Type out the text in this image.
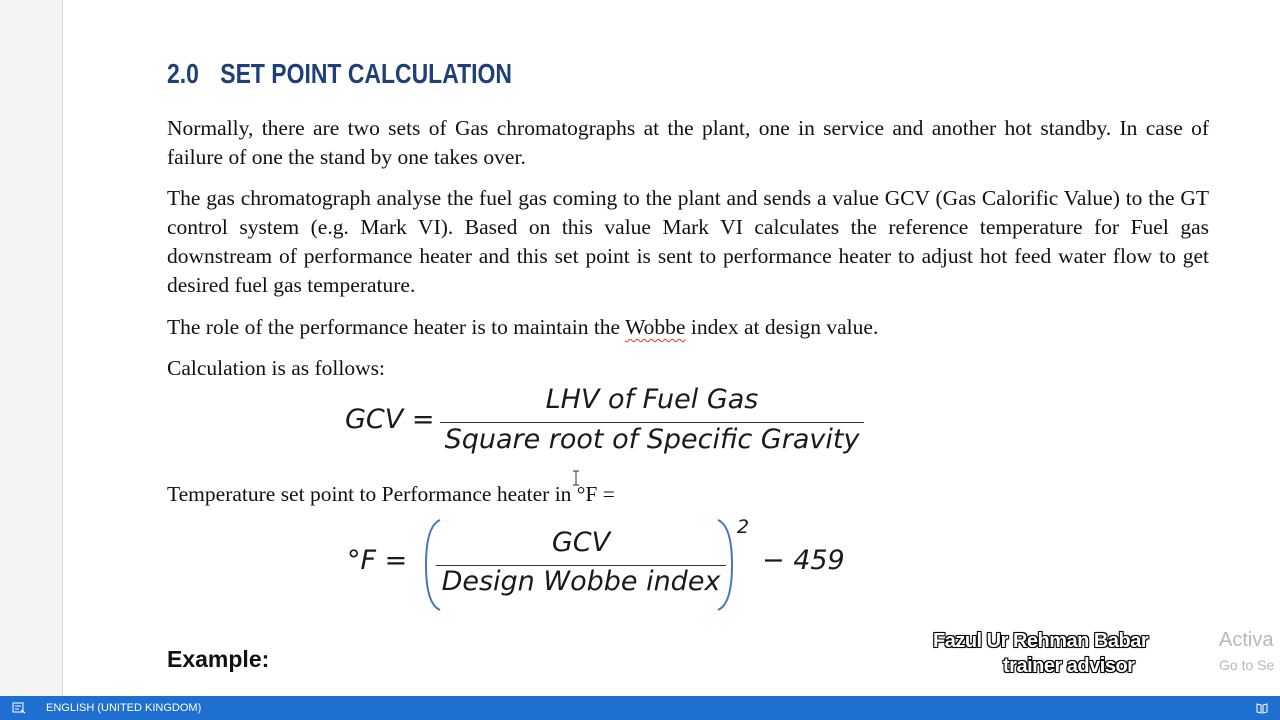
2.0 SET POINT CALCULATION

Normally, there are two sets of Gas chromatographs at the plant, one in service and another hot standby. In case of failure of one the stand by one takes over.

The gas chromatograph analyse the fuel gas coming to the plant and sends a value GCV (Gas Calorific Value) to the GT control system (e.g. Mark VI). Based on this value Mark VI calculates the reference temperature for Fuel gas downstream of performance heater and this set point is sent to performance heater to adjust hot feed water flow to get desired fuel gas temperature.

The role of the performance heater is to maintain the Wobbe index at design value.

Calculation is as follows:

GCV =
LHV of Fuel Gas
Square root of Specific Gravity

Temperature set point to Performance heater in °F =

°F =
GCV
Design Wobbe index
2
− 459
Example:
Fazul Ur Rehman Babar
trainer advisor
Activa
Go to Se
ENGLISH (UNITED KINGDOM)
